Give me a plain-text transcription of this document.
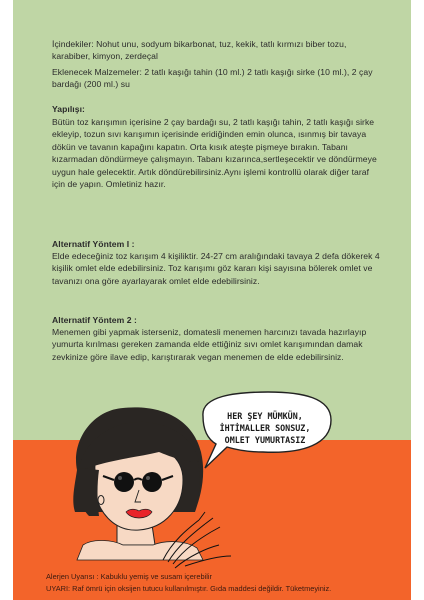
İçindekiler: Nohut unu, sodyum bikarbonat, tuz, kekik, tatlı kırmızı biber tozu, karabiber, kimyon, zerdeçal

Eklenecek Malzemeler: 2 tatlı kaşığı tahin (10 ml.) 2 tatlı kaşığı sirke (10 ml.), 2 çay bardağı (200 ml.) su

Yapılışı:

Bütün toz karışımın içerisine 2 çay bardağı su, 2 tatlı kaşığı tahin, 2 tatlı kaşığı sirke ekleyip, tozun sıvı karışımın içerisinde eridiğinden emin olunca, ısınmış bir tavaya dökün ve tavanın kapağını kapatın. Orta kısık ateşte pişmeye bırakın. Tabanı kızarmadan döndürmeye çalışmayın. Tabanı kızarınca,sertleşecektir ve döndürmeye uygun hale gelecektir. Artık döndürebilirsiniz.Aynı işlemi kontrollü olarak diğer taraf için de yapın. Omletiniz hazır.

Alternatif Yöntem I :

Elde edeceğiniz toz karışım 4 kişiliktir. 24-27 cm aralığındaki tavaya 2 defa dökerek 4 kişilik omlet elde edebilirsiniz. Toz karışımı göz kararı kişi sayısına bölerek omlet ve tavanızı ona göre ayarlayarak omlet elde edebilirsiniz.

Alternatif Yöntem 2 :

Menemen gibi yapmak isterseniz, domatesli menemen harcınızı tavada hazırlayıp yumurta kırılması gereken zamanda elde ettiğiniz sıvı omlet karışımından damak zevkinize göre ilave edip, karıştırarak vegan menemen de elde edebilirsiniz.

HER ŞEY MÜMKÜN,
İHTİMALLER SONSUZ,
OMLET YUMURTASIZ
Alerjen Uyarısı : Kabuklu yemiş ve susam içerebilir
UYARI: Raf ömrü için oksijen tutucu kullanılmıştır. Gıda maddesi değildir. Tüketmeyiniz.
